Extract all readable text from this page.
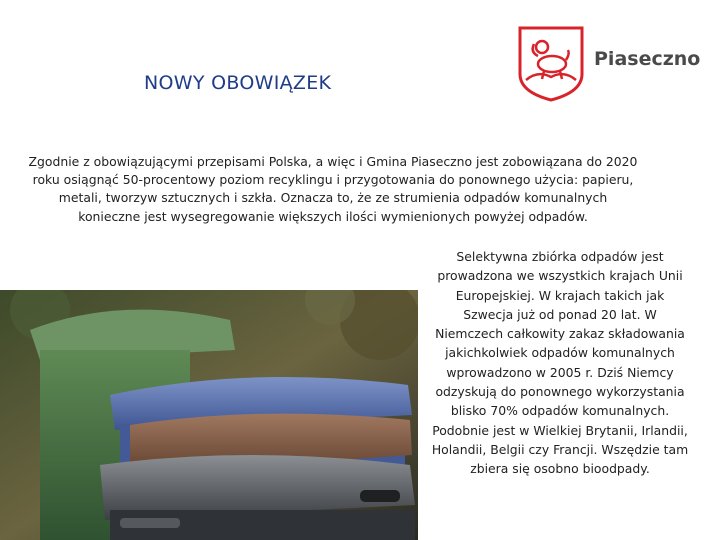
NOWY OBOWIĄZEK
Piaseczno
Zgodnie z obowiązującymi przepisami Polska, a więc i Gmina Piaseczno jest zobowiązana do 2020 roku osiągnąć 50-procentowy poziom recyklingu i przygotowania do ponownego użycia: papieru, metali, tworzyw sztucznych i szkła. Oznacza to, że ze strumienia odpadów komunalnych konieczne jest wysegregowanie większych ilości wymienionych powyżej odpadów.
Selektywna zbiórka odpadów jest prowadzona we wszystkich krajach Unii Europejskiej. W krajach takich jak Szwecja już od ponad 20 lat. W Niemczech całkowity zakaz składowania jakichkolwiek odpadów komunalnych wprowadzono w 2005 r. Dziś Niemcy odzyskują do ponownego wykorzystania blisko 70% odpadów komunalnych. Podobnie jest w Wielkiej Brytanii, Irlandii, Holandii, Belgii czy Francji. Wszędzie tam zbiera się osobno bioodpady.
